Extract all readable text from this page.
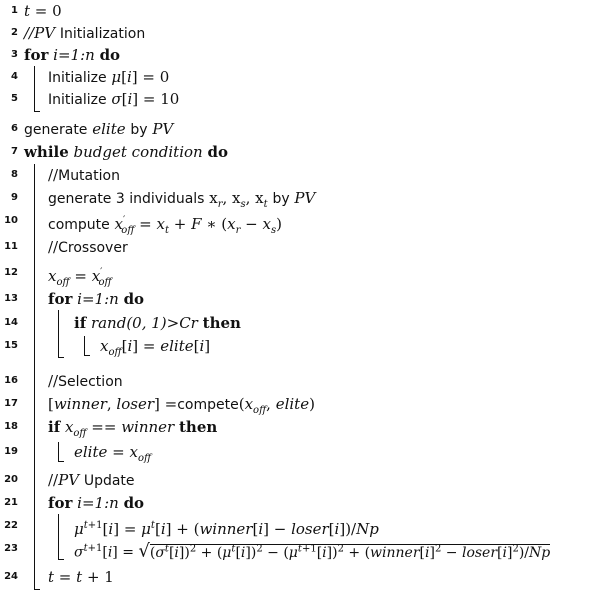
1 t = 0
2 //PV Initialization
3 for i=1:n do
4 Initialize μ[i] = 0
5 Initialize σ[i] = 10
6 generate elite by PV
7 while budget condition do
8 //Mutation
9 generate 3 individuals $x_r$, $x_s$, $x_t$ by PV
10 compute $x'_{off} = x_t + F$ ∗ $(x_r - x_s)$
11 //Crossover
12 $x_{off} = x'_{off}$
13 for i=1:n do
14	if rand(0, 1)>Cr then
15	$x_{off}[i]$ = elite[i]
16 //Selection
17 [winner, loser] $=compete(x_{off}$, elite)
18 if $x_{off}$ == winner then
19	elite = $x_{off}$
20 //PV Update
21 for i=1:n do
22	$\mu^{t+1}[i] = \mu^t[i]$ + (winner[i] − loser[i])/Np
23	$\sigma^{t+1}[i] = √(\sigma^t[i])^2 + (\mu^t[i])^2 - (\mu^{t+1}[i])^2$ + ($winner[i]^2$ − $loser[i]^2)/Np$
24 t = t + 1
